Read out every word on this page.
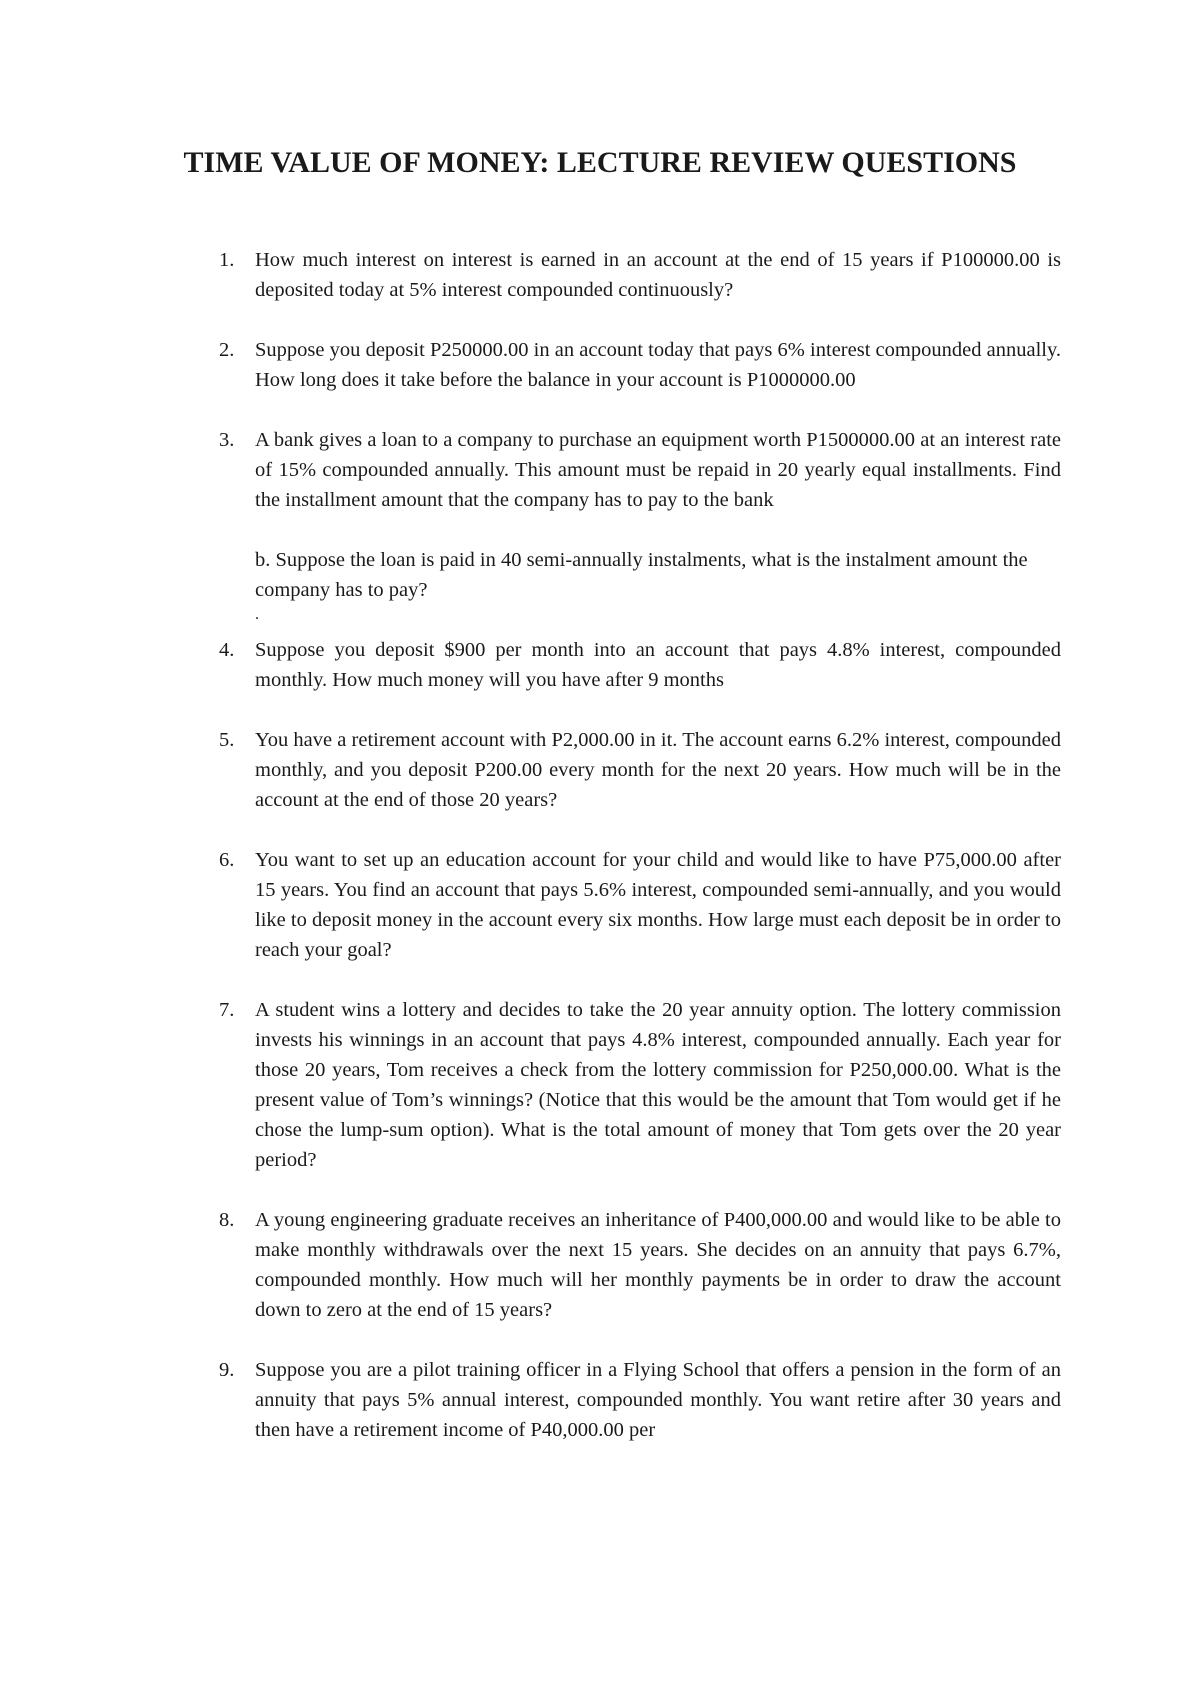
TIME VALUE OF MONEY: LECTURE REVIEW QUESTIONS
1. How much interest on interest is earned in an account at the end of 15 years if P100000.00 is deposited today at 5% interest compounded continuously?
2. Suppose you deposit P250000.00 in an account today that pays 6% interest compounded annually. How long does it take before the balance in your account is P1000000.00
3. A bank gives a loan to a company to purchase an equipment worth P1500000.00 at an interest rate of 15% compounded annually. This amount must be repaid in 20 yearly equal installments. Find the installment amount that the company has to pay to the bank
b. Suppose the loan is paid in 40 semi-annually instalments, what is the instalment amount the company has to pay?
.
4. Suppose you deposit $900 per month into an account that pays 4.8% interest, compounded monthly. How much money will you have after 9 months
5. You have a retirement account with P2,000.00 in it. The account earns 6.2% interest, compounded monthly, and you deposit P200.00 every month for the next 20 years. How much will be in the account at the end of those 20 years?
6. You want to set up an education account for your child and would like to have P75,000.00 after 15 years. You find an account that pays 5.6% interest, compounded semi-annually, and you would like to deposit money in the account every six months. How large must each deposit be in order to reach your goal?
7. A student wins a lottery and decides to take the 20 year annuity option. The lottery commission invests his winnings in an account that pays 4.8% interest, compounded annually. Each year for those 20 years, Tom receives a check from the lottery commission for P250,000.00. What is the present value of Tom’s winnings? (Notice that this would be the amount that Tom would get if he chose the lump-sum option). What is the total amount of money that Tom gets over the 20 year period?
8. A young engineering graduate receives an inheritance of P400,000.00 and would like to be able to make monthly withdrawals over the next 15 years. She decides on an annuity that pays 6.7%, compounded monthly. How much will her monthly payments be in order to draw the account down to zero at the end of 15 years?
9. Suppose you are a pilot training officer in a Flying School that offers a pension in the form of an annuity that pays 5% annual interest, compounded monthly. You want retire after 30 years and then have a retirement income of P40,000.00 per
